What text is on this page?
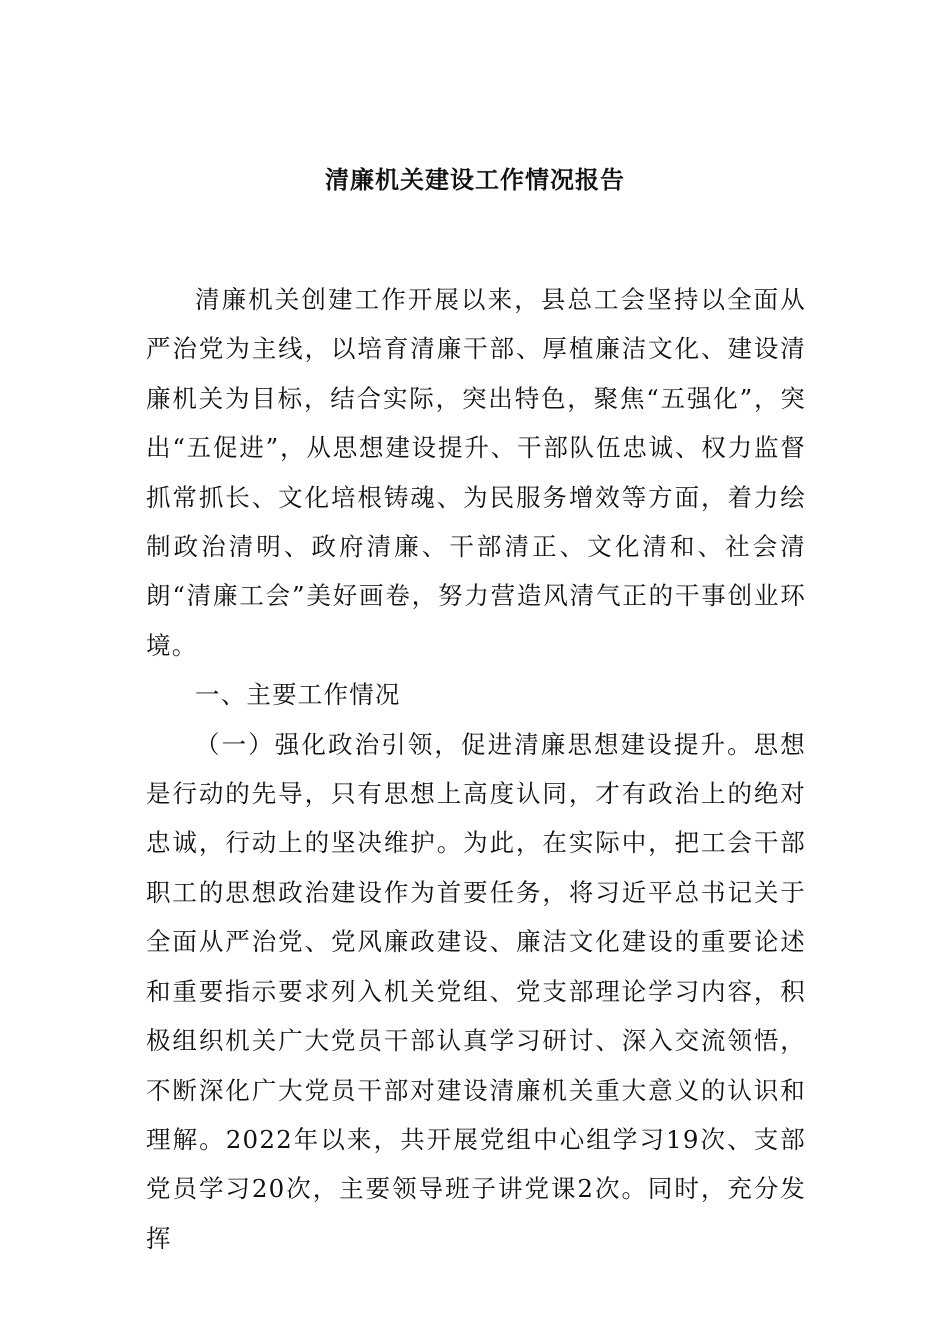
清廉机关建设工作情况报告

清廉机关创建工作开展以来，县总工会坚持以全面从严治党为主线，以培育清廉干部、厚植廉洁文化、建设清廉机关为目标，结合实际，突出特色，聚焦“五强化”，突出“五促进”，从思想建设提升、干部队伍忠诚、权力监督抓常抓长、文化培根铸魂、为民服务增效等方面，着力绘制政治清明、政府清廉、干部清正、文化清和、社会清朗“清廉工会”美好画卷，努力营造风清气正的干事创业环境。

一、主要工作情况

（一）强化政治引领，促进清廉思想建设提升。思想是行动的先导，只有思想上高度认同，才有政治上的绝对忠诚，行动上的坚决维护。为此，在实际中，把工会干部职工的思想政治建设作为首要任务，将习近平总书记关于全面从严治党、党风廉政建设、廉洁文化建设的重要论述和重要指示要求列入机关党组、党支部理论学习内容，积极组织机关广大党员干部认真学习研讨、深入交流领悟，不断深化广大党员干部对建设清廉机关重大意义的认识和理解。2022年以来，共开展党组中心组学习19次、支部党员学习20次，主要领导班子讲党课2次。同时，充分发挥
